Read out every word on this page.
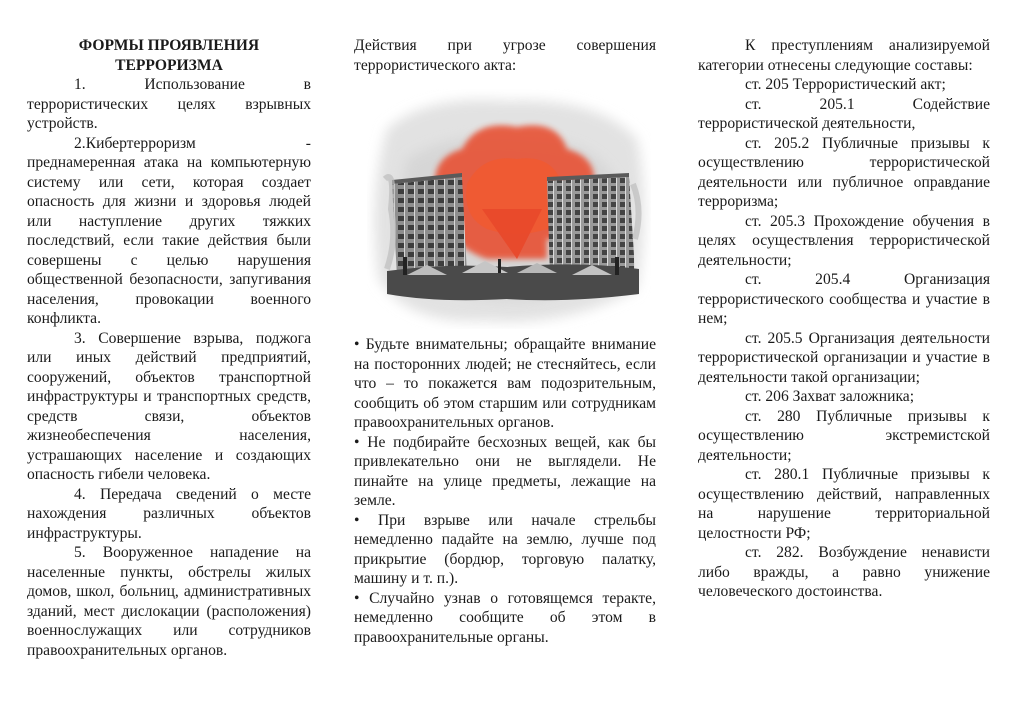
ФОРМЫ ПРОЯВЛЕНИЯ ТЕРРОРИЗМА

1. Использование в террористических целях взрывных устройств.

2.Кибертерроризм - преднамеренная атака на компьютерную систему или сети, которая создает опасность для жизни и здоровья людей или наступление других тяжких последствий, если такие действия были совершены с целью нарушения общественной безопасности, запугивания населения, провокации военного конфликта.

3. Совершение взрыва, поджога или иных действий предприятий, сооружений, объектов транспортной инфраструктуры и транспортных средств, средств связи, объектов жизнеобеспечения населения, устрашающих население и создающих опасность гибели человека.

4. Передача сведений о месте нахождения различных объектов инфраструктуры.

5. Вооруженное нападение на населенные пункты, обстрелы жилых домов, школ, больниц, административных зданий, мест дислокации (расположения) военнослужащих или сотрудников правоохранительных органов.

Действия при угрозе совершения террористического акта:

• Будьте внимательны; обращайте внимание на посторонних людей; не стесняйтесь, если что – то покажется вам подозрительным, сообщить об этом старшим или сотрудникам правоохранительных органов.

• Не подбирайте бесхозных вещей, как бы привлекательно они не выглядели. Не пинайте на улице предметы, лежащие на земле.

• При взрыве или начале стрельбы немедленно падайте на землю, лучше под прикрытие (бордюр, торговую палатку, машину и т. п.).

• Случайно узнав о готовящемся теракте, немедленно сообщите об этом в правоохранительные органы.

К преступлениям анализируемой категории отнесены следующие составы:

ст. 205 Террористический акт;

ст. 205.1 Содействие террористической деятельности,

ст. 205.2 Публичные призывы к осуществлению террористической деятельности или публичное оправдание терроризма;

ст. 205.3 Прохождение обучения в целях осуществления террористической деятельности;

ст. 205.4 Организация террористического сообщества и участие в нем;

ст. 205.5 Организация деятельности террористической организации и участие в деятельности такой организации;

ст. 206 Захват заложника;

ст. 280 Публичные призывы к осуществлению экстремистской деятельности;

ст. 280.1 Публичные призывы к осуществлению действий, направленных на нарушение территориальной целостности РФ;

ст. 282. Возбуждение ненависти либо вражды, а равно унижение человеческого достоинства.
